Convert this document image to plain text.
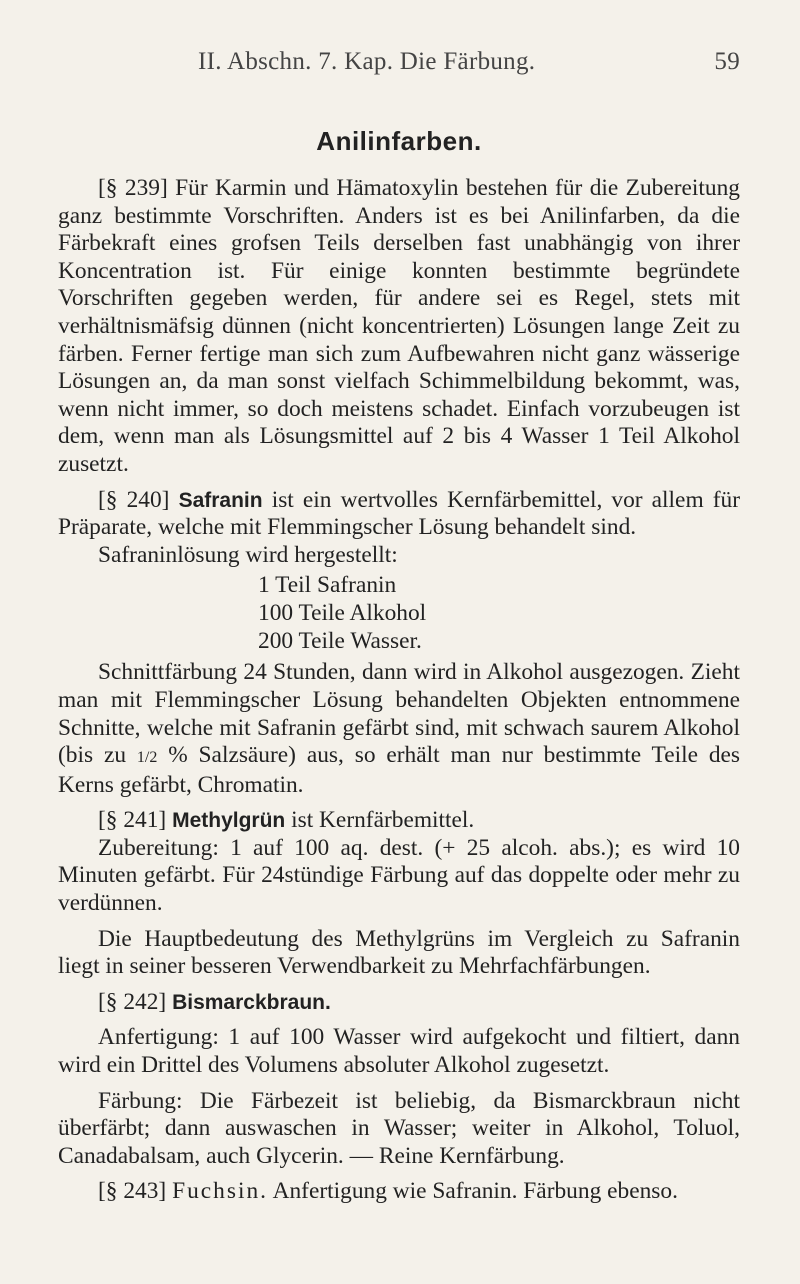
II. Abschn. 7. Kap. Die Färbung.	59
Anilinfarben.

[§ 239] Für Karmin und Hämatoxylin bestehen für die Zubereitung ganz bestimmte Vorschriften. Anders ist es bei Anilinfarben, da die Färbekraft eines grofsen Teils derselben fast unabhängig von ihrer Koncentration ist. Für einige konnten bestimmte begründete Vorschriften gegeben werden, für andere sei es Regel, stets mit verhältnismäfsig dünnen (nicht koncentrierten) Lösungen lange Zeit zu färben. Ferner fertige man sich zum Aufbewahren nicht ganz wässerige Lösungen an, da man sonst vielfach Schimmelbildung bekommt, was, wenn nicht immer, so doch meistens schadet. Einfach vorzubeugen ist dem, wenn man als Lösungsmittel auf 2 bis 4 Wasser 1 Teil Alkohol zusetzt.

[§ 240] Safranin ist ein wertvolles Kernfärbemittel, vor allem für Präparate, welche mit Flemmingscher Lösung behandelt sind.

Safraninlösung wird hergestellt:

1 Teil Safranin
100 Teile Alkohol
200 Teile Wasser.

Schnittfärbung 24 Stunden, dann wird in Alkohol ausgezogen. Zieht man mit Flemmingscher Lösung behandelten Objekten entnommene Schnitte, welche mit Safranin gefärbt sind, mit schwach saurem Alkohol (bis zu 1/2 % Salzsäure) aus, so erhält man nur bestimmte Teile des Kerns gefärbt, Chromatin.

[§ 241] Methylgrün ist Kernfärbemittel.

Zubereitung: 1 auf 100 aq. dest. (+ 25 alcoh. abs.); es wird 10 Minuten gefärbt. Für 24stündige Färbung auf das doppelte oder mehr zu verdünnen.

Die Hauptbedeutung des Methylgrüns im Vergleich zu Safranin liegt in seiner besseren Verwendbarkeit zu Mehrfachfärbungen.

[§ 242] Bismarckbraun.

Anfertigung: 1 auf 100 Wasser wird aufgekocht und filtiert, dann wird ein Drittel des Volumens absoluter Alkohol zugesetzt.

Färbung: Die Färbezeit ist beliebig, da Bismarckbraun nicht überfärbt; dann auswaschen in Wasser; weiter in Alkohol, Toluol, Canadabalsam, auch Glycerin. — Reine Kernfärbung.

[§ 243] Fuchsin. Anfertigung wie Safranin. Färbung ebenso.
